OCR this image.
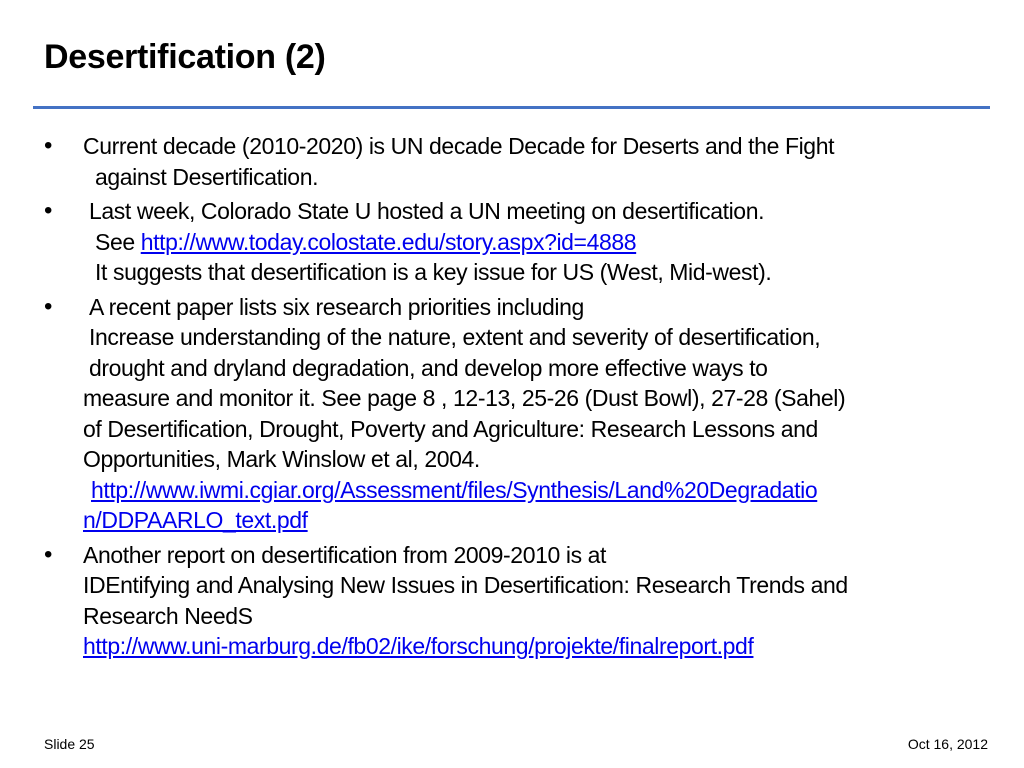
Desertification (2)
• Current decade (2010-2020) is UN decade Decade for Deserts and the Fight
against Desertification.
• Last week, Colorado State U hosted a UN meeting on desertification.
See http://www.today.colostate.edu/story.aspx?id=4888
It suggests that desertification is a key issue for US (West, Mid-west).
• A recent paper lists six research priorities including
Increase understanding of the nature, extent and severity of desertification,
drought and dryland degradation, and develop more effective ways to
measure and monitor it. See page 8 , 12-13, 25-26 (Dust Bowl), 27-28 (Sahel)
of Desertification, Drought, Poverty and Agriculture: Research Lessons and
Opportunities, Mark Winslow et al, 2004.
http://www.iwmi.cgiar.org/Assessment/files/Synthesis/Land%20Degradatio
n/DDPAARLO_text.pdf
• Another report on desertification from 2009-2010 is at
IDEntifying and Analysing New Issues in Desertification: Research Trends and
Research NeedS
http://www.uni-marburg.de/fb02/ike/forschung/projekte/finalreport.pdf
Slide 25	Oct 16, 2012
